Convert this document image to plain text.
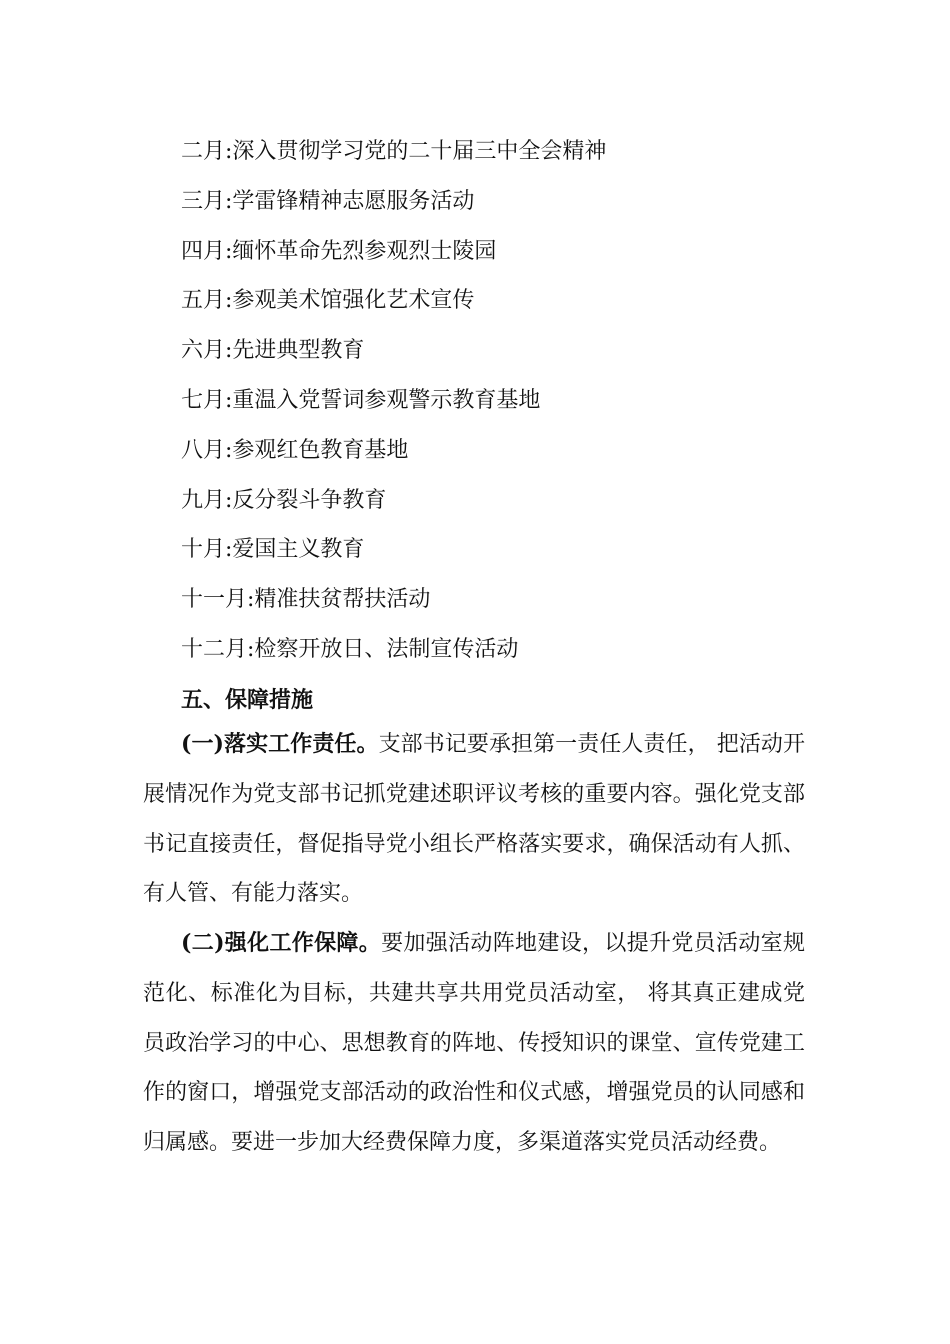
二月:深入贯彻学习党的二十届三中全会精神
三月:学雷锋精神志愿服务活动
四月:缅怀革命先烈参观烈士陵园
五月:参观美术馆强化艺术宣传
六月:先进典型教育
七月:重温入党誓词参观警示教育基地
八月:参观红色教育基地
九月:反分裂斗争教育
十月:爱国主义教育
十一月:精准扶贫帮扶活动
十二月:检察开放日、法制宣传活动
五、保障措施

(一)落实工作责任。支部书记要承担第一责任人责任， 把活动开展情况作为党支部书记抓党建述职评议考核的重要内容。强化党支部书记直接责任，督促指导党小组长严格落实要求，确保活动有人抓、有人管、有能力落实。

(二)强化工作保障。要加强活动阵地建设，以提升党员活动室规范化、标准化为目标，共建共享共用党员活动室， 将其真正建成党员政治学习的中心、思想教育的阵地、传授知识的课堂、宣传党建工作的窗口，增强党支部活动的政治性和仪式感，增强党员的认同感和归属感。要进一步加大经费保障力度，多渠道落实党员活动经费。
